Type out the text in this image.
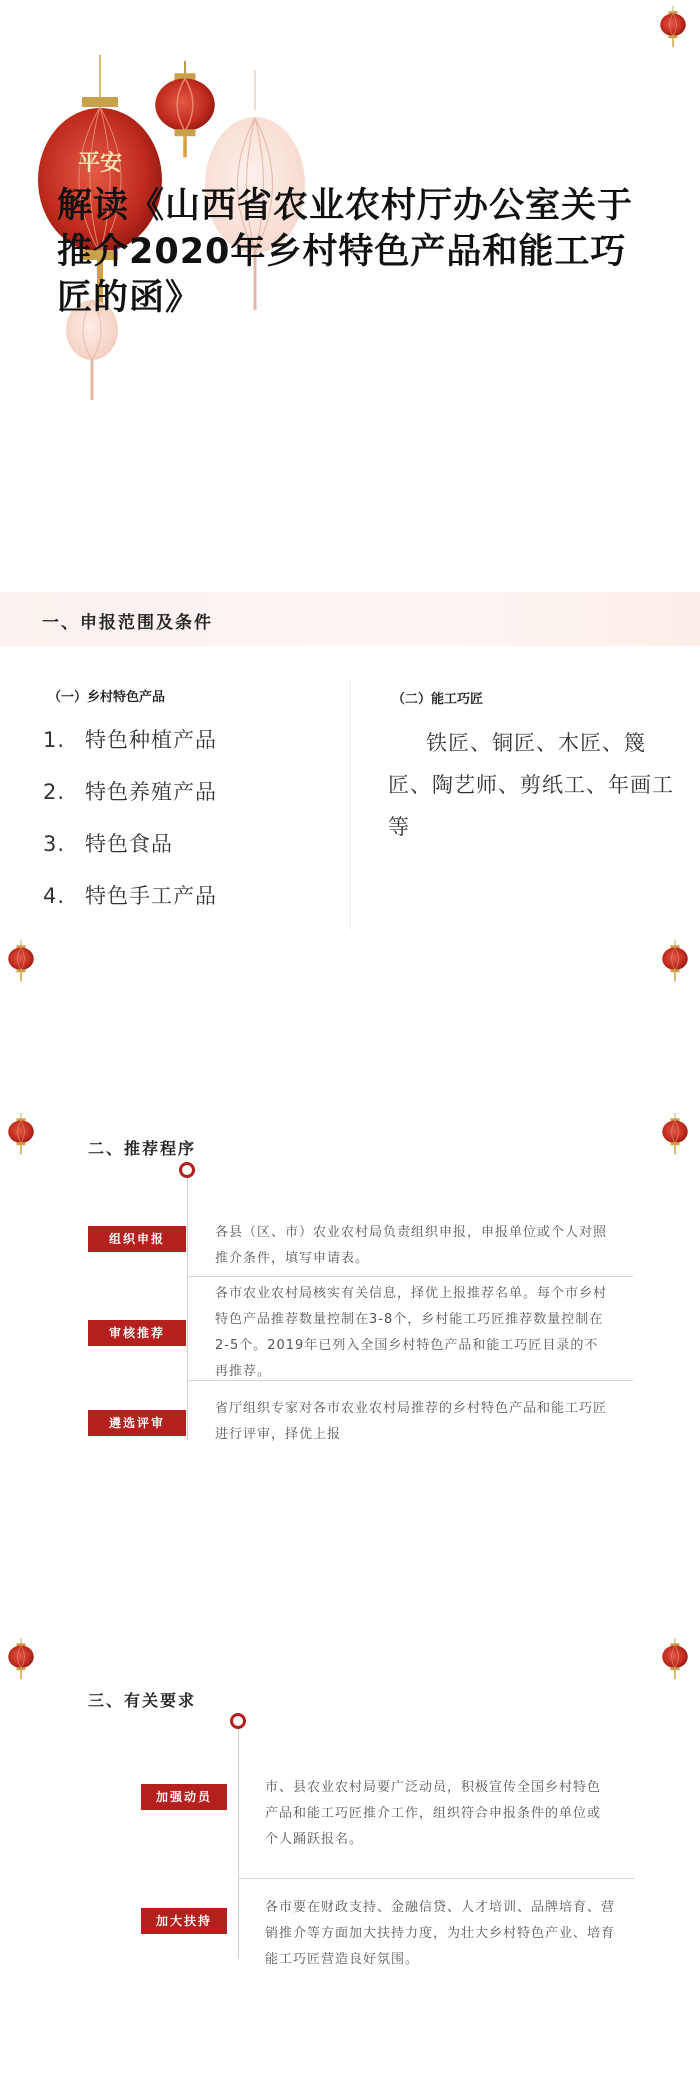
平安
解读《山西省农业农村厅办公室关于推介2020年乡村特色产品和能工巧匠的函》
一、申报范围及条件
（一）乡村特色产品
1. 特色种植产品
2. 特色养殖产品
3. 特色食品
4. 特色手工产品
（二）能工巧匠
铁匠、铜匠、木匠、篾匠、陶艺师、剪纸工、年画工等
二、推荐程序
组织申报	各县（区、市）农业农村局负责组织申报，申报单位或个人对照推介条件，填写申请表。
审核推荐
各市农业农村局核实有关信息，择优上报推荐名单。每个市乡村特色产品推荐数量控制在3-8个，乡村能工巧匠推荐数量控制在2-5个。2019年已列入全国乡村特色产品和能工巧匠目录的不再推荐。
遴选评审
省厅组织专家对各市农业农村局推荐的乡村特色产品和能工巧匠进行评审，择优上报
三、有关要求
加强动员
市、县农业农村局要广泛动员，积极宣传全国乡村特色产品和能工巧匠推介工作，组织符合申报条件的单位或个人踊跃报名。
加大扶持
各市要在财政支持、金融信贷、人才培训、品牌培育、营销推介等方面加大扶持力度，为壮大乡村特色产业、培育能工巧匠营造良好氛围。
